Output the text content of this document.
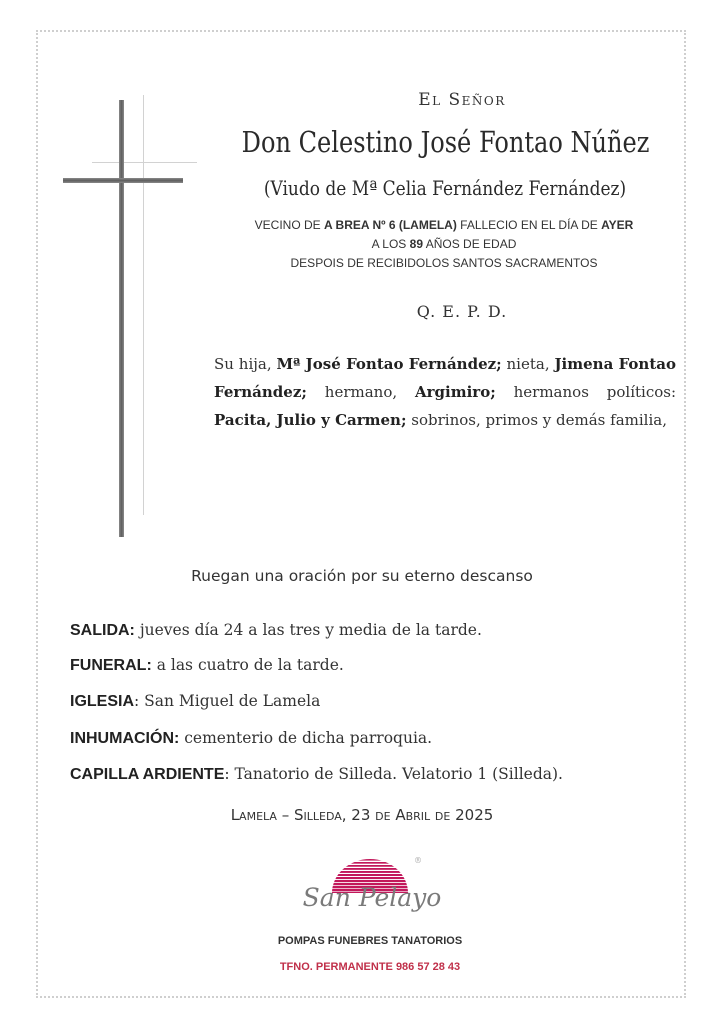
El Señor
Don Celestino José Fontao Núñez
(Viudo de Mª Celia Fernández Fernández)
VECINO DE A BREA Nº 6 (LAMELA) FALLECIO EN EL DÍA DE AYER
A LOS 89 AÑOS DE EDAD
DESPOIS DE RECIBIDOLOS SANTOS SACRAMENTOS
Q. E. P. D.
Su hija, Mª José Fontao Fernández; nieta, Jimena Fontao Fernández; hermano, Argimiro; hermanos políticos: Pacita, Julio y Carmen; sobrinos, primos y demás familia,
Ruegan una oración por su eterno descanso
SALIDA: jueves día 24 a las tres y media de la tarde.
FUNERAL: a las cuatro de la tarde.
IGLESIA: San Miguel de Lamela
INHUMACIÓN: cementerio de dicha parroquia.
CAPILLA ARDIENTE: Tanatorio de Silleda. Velatorio 1 (Silleda).
Lamela – Silleda, 23 de Abril de 2025
®
San Pelayo
POMPAS FUNEBRES TANATORIOS
TFNO. PERMANENTE 986 57 28 43
